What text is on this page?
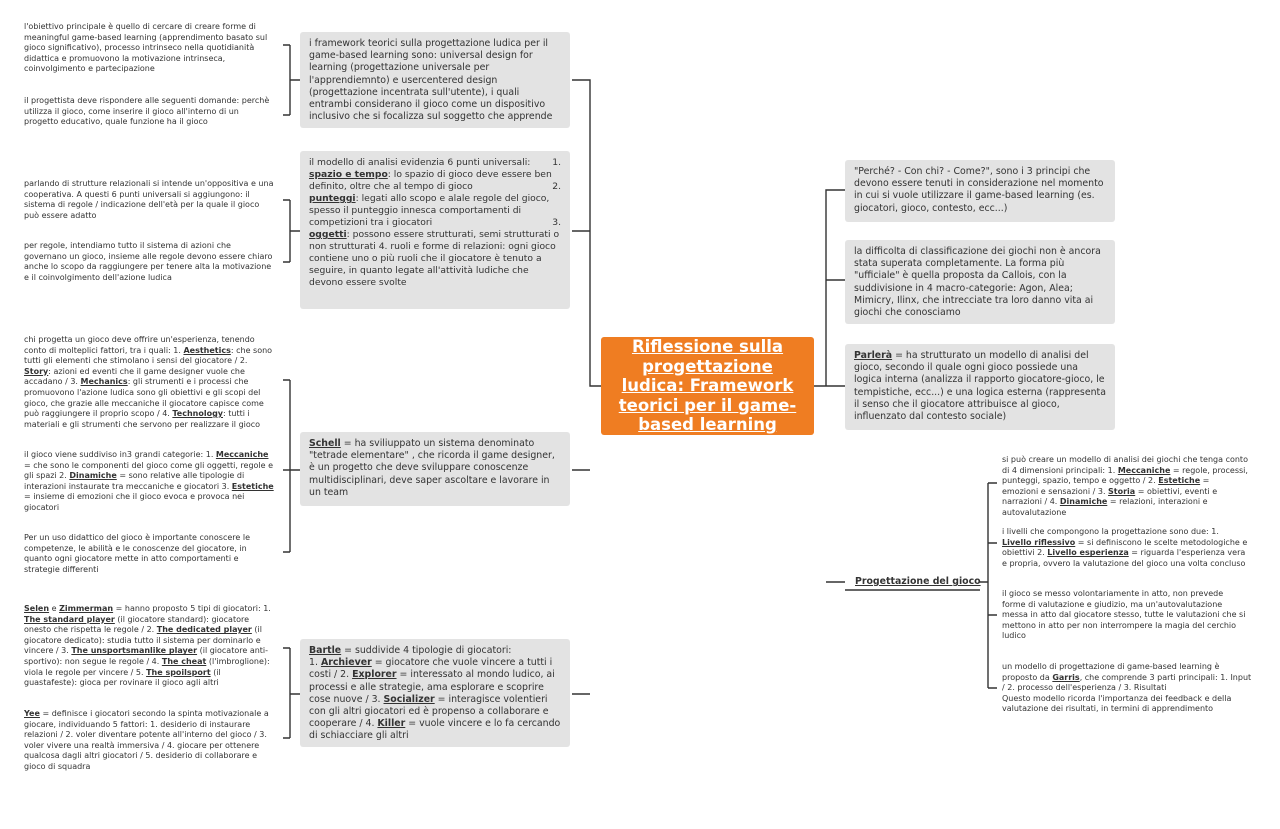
Riflessione sulla progettazione ludica: Framework teorici per il game-based learning
i framework teorici sulla progettazione ludica per il game-based learning sono: universal design for learning (progettazione universale per l'apprendiemnto) e usercentered design (progettazione incentrata sull'utente), i quali entrambi considerano il gioco come un dispositivo inclusivo che si focalizza sul soggetto che apprende
il modello di analisi evidenzia 6 punti universali: 1.

spazio e tempo: lo spazio di gioco deve essere ben definito, oltre che al tempo di gioco	2.

punteggi: legati allo scopo e alale regole del gioco, spesso il punteggio innesca comportamenti di competizioni tra i giocatori	3.

oggetti: possono essere strutturati, semi strutturati o non strutturati 4. ruoli e forme di relazioni: ogni gioco contiene uno o più ruoli che il giocatore è tenuto a seguire, in quanto legate all'attività ludiche che devono essere svolte
Schell = ha sviliuppato un sistema denominato "tetrade elementare" , che ricorda il game designer, è un progetto che deve sviluppare conoscenze multidisciplinari, deve saper ascoltare e lavorare in un team
Bartle = suddivide 4 tipologie di giocatori:
1. Archiever = giocatore che vuole vincere a tutti i costi / 2. Explorer = interessato al mondo ludico, ai processi e alle strategie, ama esplorare e scoprire cose nuove / 3. Socializer = interagisce volentieri con gli altri giocatori ed è propenso a collaborare e cooperare / 4. Killer = vuole vincere e lo fa cercando di schiacciare gli altri
l'obiettivo principale è quello di cercare di creare forme di meaningful game-based learning (apprendimento basato sul gioco significativo), processo intrinseco nella quotidianità didattica e promuovono la motivazione intrinseca, coinvolgimento e partecipazione
il progettista deve rispondere alle seguenti domande: perchè utilizza il gioco, come inserire il gioco all'interno di un progetto educativo, quale funzione ha il gioco
parlando di strutture relazionali si intende un'oppositiva e una cooperativa. A questi 6 punti universali si aggiungono: il sistema di regole / indicazione dell'età per la quale il gioco può essere adatto
per regole, intendiamo tutto il sistema di azioni che governano un gioco, insieme alle regole devono essere chiaro anche lo scopo da raggiungere per tenere alta la motivazione e il coinvolgimento dell'azione ludica
chi progetta un gioco deve offrire un'esperienza, tenendo conto di molteplici fattori, tra i quali: 1. Aesthetics: che sono tutti gli elementi che stimolano i sensi del giocatore / 2. Story: azioni ed eventi che il game designer vuole che accadano / 3. Mechanics: gli strumenti e i processi che promuovono l'azione ludica sono gli obiettivi e gli scopi del gioco, che grazie alle meccaniche il giocatore capisce come può raggiungere il proprio scopo / 4. Technology: tutti i materiali e gli strumenti che servono per realizzare il gioco
il gioco viene suddiviso in3 grandi categorie: 1. Meccaniche = che sono le componenti del gioco come gli oggetti, regole e gli spazi 2. Dinamiche = sono relative alle tipologie di interazioni instaurate tra meccaniche e giocatori 3. Estetiche = insieme di emozioni che il gioco evoca e provoca nei giocatori
Per un uso didattico del gioco è importante conoscere le competenze, le abilità e le conoscenze del giocatore, in quanto ogni giocatore mette in atto comportamenti e strategie differenti
Selen e Zimmerman = hanno proposto 5 tipi di giocatori: 1. The standard player (il giocatore standard): giocatore onesto che rispetta le regole / 2. The dedicated player (il giocatore dedicato): studia tutto il sistema per dominarlo e vincere / 3. The unsportsmanlike player (il giocatore anti-sportivo): non segue le regole / 4. The cheat (l'imbroglione): viola le regole per vincere / 5. The spoilsport (il guastafeste): gioca per rovinare il gioco agli altri
Yee = definisce i giocatori secondo la spinta motivazionale a giocare, individuando 5 fattori: 1. desiderio di instaurare relazioni / 2. voler diventare potente all'interno del gioco / 3. voler vivere una realtà immersiva / 4. giocare per ottenere qualcosa dagli altri giocatori / 5. desiderio di collaborare e gioco di squadra
"Perché? - Con chi? - Come?", sono i 3 principi che devono essere tenuti in considerazione nel momento in cui si vuole utilizzare il game-based learning (es. giocatori, gioco, contesto, ecc...)
la difficolta di classificazione dei giochi non è ancora stata superata completamente. La forma più "ufficiale" è quella proposta da Callois, con la suddivisione in 4 macro-categorie: Agon, Alea; Mimicry, Ilinx, che intrecciate tra loro danno vita ai giochi che conosciamo
Parlerà = ha strutturato un modello di analisi del gioco, secondo il quale ogni gioco possiede una logica interna (analizza il rapporto giocatore-gioco, le tempistiche, ecc...) e una logica esterna (rappresenta il senso che il giocatore attribuisce al gioco, influenzato dal contesto sociale)
Progettazione del gioco
si può creare un modello di analisi dei giochi che tenga conto di 4 dimensioni principali: 1. Meccaniche = regole, processi, punteggi, spazio, tempo e oggetto / 2. Estetiche = emozioni e sensazioni / 3. Storia = obiettivi, eventi e narrazioni / 4. Dinamiche = relazioni, interazioni e autovalutazione
i livelli che compongono la progettazione sono due: 1. Livello riflessivo = si definiscono le scelte metodologiche e obiettivi 2. Livello esperienza = riguarda l'esperienza vera e propria, ovvero la valutazione del gioco una volta concluso
il gioco se messo volontariamente in atto, non prevede forme di valutazione e giudizio, ma un'autovalutazione messa in atto dal giocatore stesso, tutte le valutazioni che si mettono in atto per non interrompere la magia del cerchio ludico
un modello di progettazione di game-based learning è proposto da Garris, che comprende 3 parti principali: 1. Input / 2. processo dell'esperienza / 3. Risultati
Questo modello ricorda l'importanza dei feedback e della valutazione dei risultati, in termini di apprendimento
